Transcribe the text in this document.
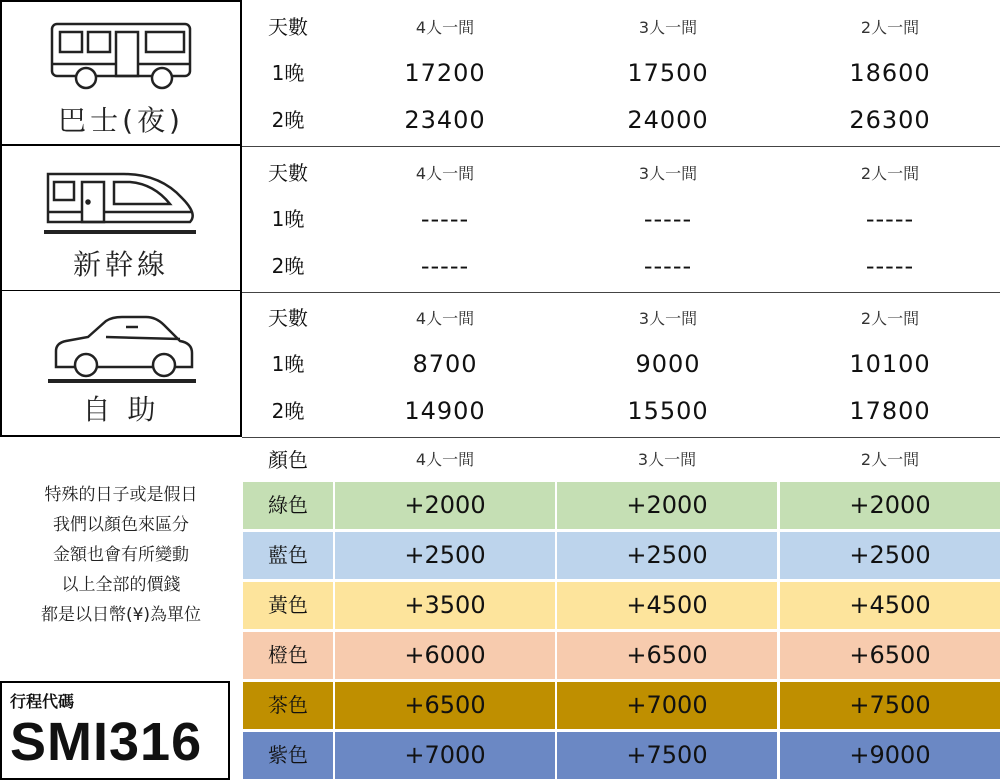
巴士(夜)
天數	4人一間	3人一間	2人一間
1晚	17200	17500	18600
2晚	23400	24000	26300
新幹線
天數	4人一間	3人一間	2人一間
1晚	-----	-----	-----
2晚	-----	-----	-----
自 助
天數	4人一間	3人一間	2人一間
1晚	8700	9000	10100
2晚	14900	15500	17800
特殊的日子或是假日
我們以顏色來區分
金額也會有所變動
以上全部的價錢
都是以日幣(¥)為單位
行程代碼
SMI316
顏色	4人一間	3人一間	2人一間
綠色	+2000	+2000	+2000
藍色	+2500	+2500	+2500
黃色	+3500	+4500	+4500
橙色	+6000	+6500	+6500
茶色	+6500	+7000	+7500
紫色	+7000	+7500	+9000
